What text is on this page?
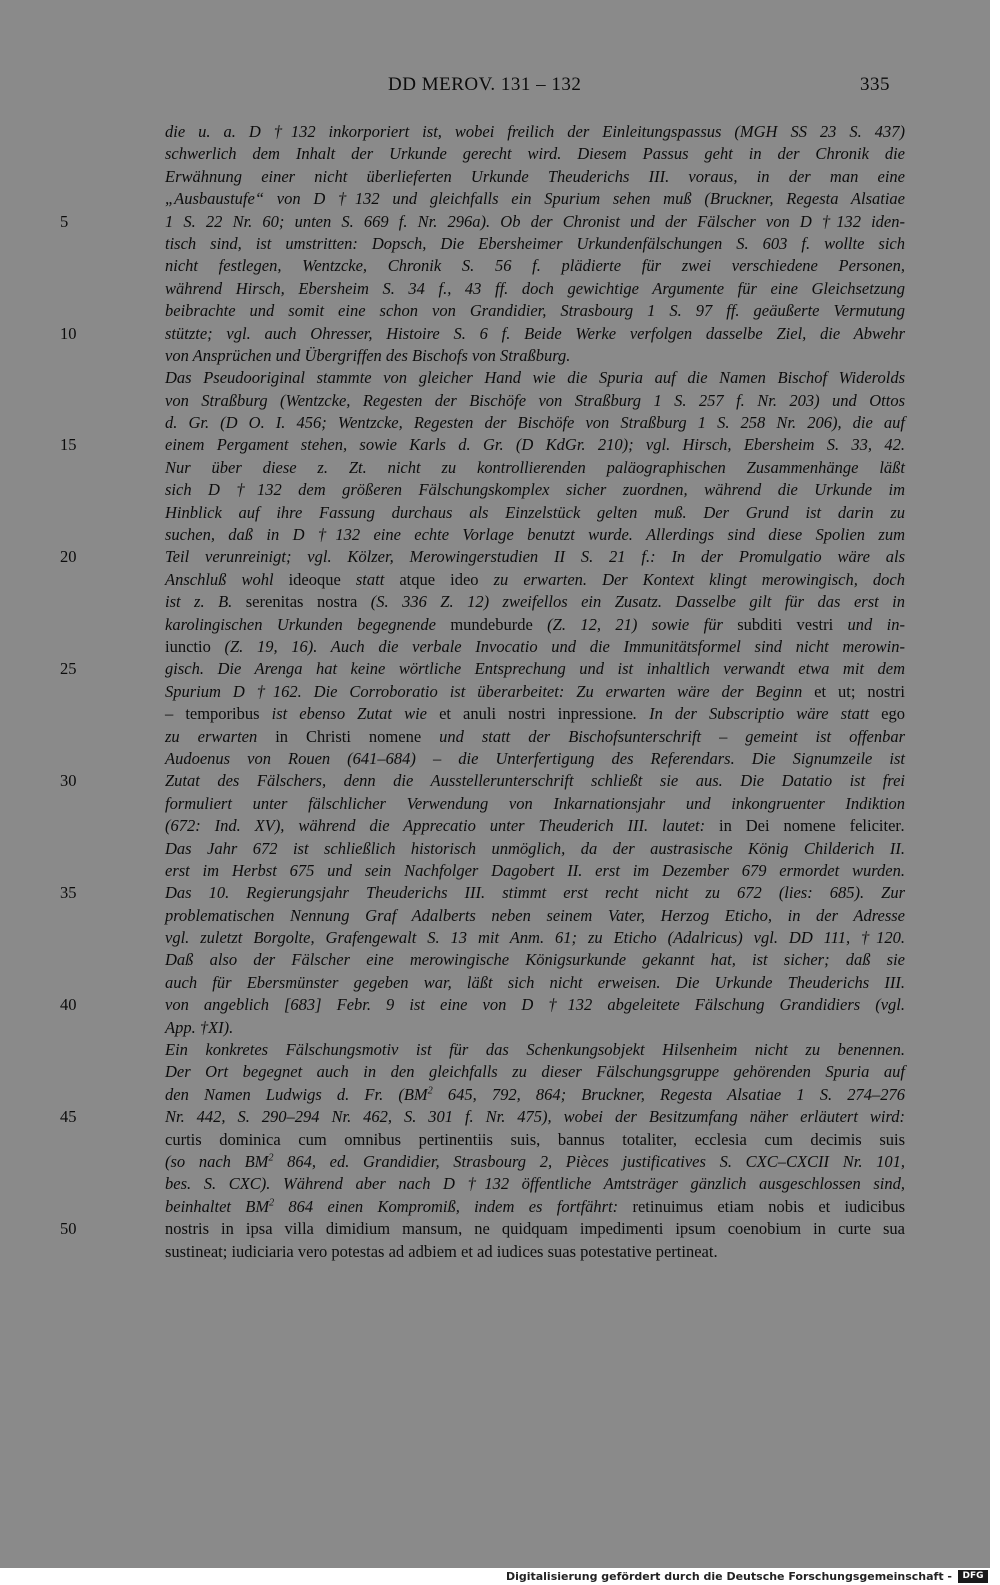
DD MEROV. 131 – 132	335
die u. a. D †132 inkorporiert ist, wobei freilich der Einleitungspassus (MGH SS 23 S. 437)
schwerlich dem Inhalt der Urkunde gerecht wird. Diesem Passus geht in der Chronik die
Erwähnung einer nicht überlieferten Urkunde Theuderichs III. voraus, in der man eine
„Ausbaustufe“ von D †132 und gleichfalls ein Spurium sehen muß (Bruckner, Regesta Alsatiae
1 S. 22 Nr. 60; unten S. 669 f. Nr. 296a). Ob der Chronist und der Fälscher von D †132 iden-
5
tisch sind, ist umstritten: Dopsch, Die Ebersheimer Urkundenfälschungen S. 603 f. wollte sich
nicht festlegen, Wentzcke, Chronik S. 56 f. plädierte für zwei verschiedene Personen,
während Hirsch, Ebersheim S. 34 f., 43 ff. doch gewichtige Argumente für eine Gleichsetzung
beibrachte und somit eine schon von Grandidier, Strasbourg 1 S. 97 ff. geäußerte Vermutung
stützte; vgl. auch Ohresser, Histoire S. 6 f. Beide Werke verfolgen dasselbe Ziel, die Abwehr
10
von Ansprüchen und Übergriffen des Bischofs von Straßburg.
Das Pseudooriginal stammte von gleicher Hand wie die Spuria auf die Namen Bischof Widerolds
von Straßburg (Wentzcke, Regesten der Bischöfe von Straßburg 1 S. 257 f. Nr. 203) und Ottos
d. Gr. (D O. I. 456; Wentzcke, Regesten der Bischöfe von Straßburg 1 S. 258 Nr. 206), die auf
einem Pergament stehen, sowie Karls d. Gr. (D KdGr. 210); vgl. Hirsch, Ebersheim S. 33, 42.
15
Nur über diese z. Zt. nicht zu kontrollierenden paläographischen Zusammenhänge läßt
sich D †132 dem größeren Fälschungskomplex sicher zuordnen, während die Urkunde im
Hinblick auf ihre Fassung durchaus als Einzelstück gelten muß. Der Grund ist darin zu
suchen, daß in D †132 eine echte Vorlage benutzt wurde. Allerdings sind diese Spolien zum
Teil verunreinigt; vgl. Kölzer, Merowingerstudien II S. 21 f.: In der Promulgatio wäre als
20
Anschluß wohl ideoque statt atque ideo zu erwarten. Der Kontext klingt merowingisch, doch
ist z. B. serenitas nostra (S. 336 Z. 12) zweifellos ein Zusatz. Dasselbe gilt für das erst in
karolingischen Urkunden begegnende mundeburde (Z. 12, 21) sowie für subditi vestri und in-
iunctio (Z. 19, 16). Auch die verbale Invocatio und die Immunitätsformel sind nicht merowin-
gisch. Die Arenga hat keine wörtliche Entsprechung und ist inhaltlich verwandt etwa mit dem
25
Spurium D †162. Die Corroboratio ist überarbeitet: Zu erwarten wäre der Beginn et ut; nostri
– temporibus ist ebenso Zutat wie et anuli nostri inpressione. In der Subscriptio wäre statt ego
zu erwarten in Christi nomene und statt der Bischofsunterschrift – gemeint ist offenbar
Audoenus von Rouen (641–684) – die Unterfertigung des Referendars. Die Signumzeile ist
Zutat des Fälschers, denn die Ausstellerunterschrift schließt sie aus. Die Datatio ist frei
30
formuliert unter fälschlicher Verwendung von Inkarnationsjahr und inkongruenter Indiktion
(672: Ind. XV), während die Apprecatio unter Theuderich III. lautet: in Dei nomene feliciter.
Das Jahr 672 ist schließlich historisch unmöglich, da der austrasische König Childerich II.
erst im Herbst 675 und sein Nachfolger Dagobert II. erst im Dezember 679 ermordet wurden.
Das 10. Regierungsjahr Theuderichs III. stimmt erst recht nicht zu 672 (lies: 685). Zur
35
problematischen Nennung Graf Adalberts neben seinem Vater, Herzog Eticho, in der Adresse
vgl. zuletzt Borgolte, Grafengewalt S. 13 mit Anm. 61; zu Eticho (Adalricus) vgl. DD 111, †120.
Daß also der Fälscher eine merowingische Königsurkunde gekannt hat, ist sicher; daß sie
auch für Ebersmünster gegeben war, läßt sich nicht erweisen. Die Urkunde Theuderichs III.
von angeblich [683] Febr. 9 ist eine von D †132 abgeleitete Fälschung Grandidiers (vgl.
40
App. †XI).
Ein konkretes Fälschungsmotiv ist für das Schenkungsobjekt Hilsenheim nicht zu benennen.
Der Ort begegnet auch in den gleichfalls zu dieser Fälschungsgruppe gehörenden Spuria auf
den Namen Ludwigs d. Fr. ($BM^2$ 645, 792, 864; Bruckner, Regesta Alsatiae 1 S. 274–276
Nr. 442, S. 290–294 Nr. 462, S. 301 f. Nr. 475), wobei der Besitzumfang näher erläutert wird:
45
curtis dominica cum omnibus pertinentiis suis, bannus totaliter, ecclesia cum decimis suis
(so nach $BM^2$ 864, ed. Grandidier, Strasbourg 2, Pièces justificatives S. CXC–CXCII Nr. 101,
bes. S. CXC). Während aber nach D †132 öffentliche Amtsträger gänzlich ausgeschlossen sind,
beinhaltet $BM^2$ 864 einen Kompromiß, indem es fortfährt: retinuimus etiam nobis et iudicibus
nostris in ipsa villa dimidium mansum, ne quidquam impedimenti ipsum coenobium in curte sua
50
sustineat; iudiciaria vero potestas ad adbiem et ad iudices suas potestative pertineat.
Digitalisierung gefördert durch die Deutsche Forschungsgemeinschaft -	DFG
